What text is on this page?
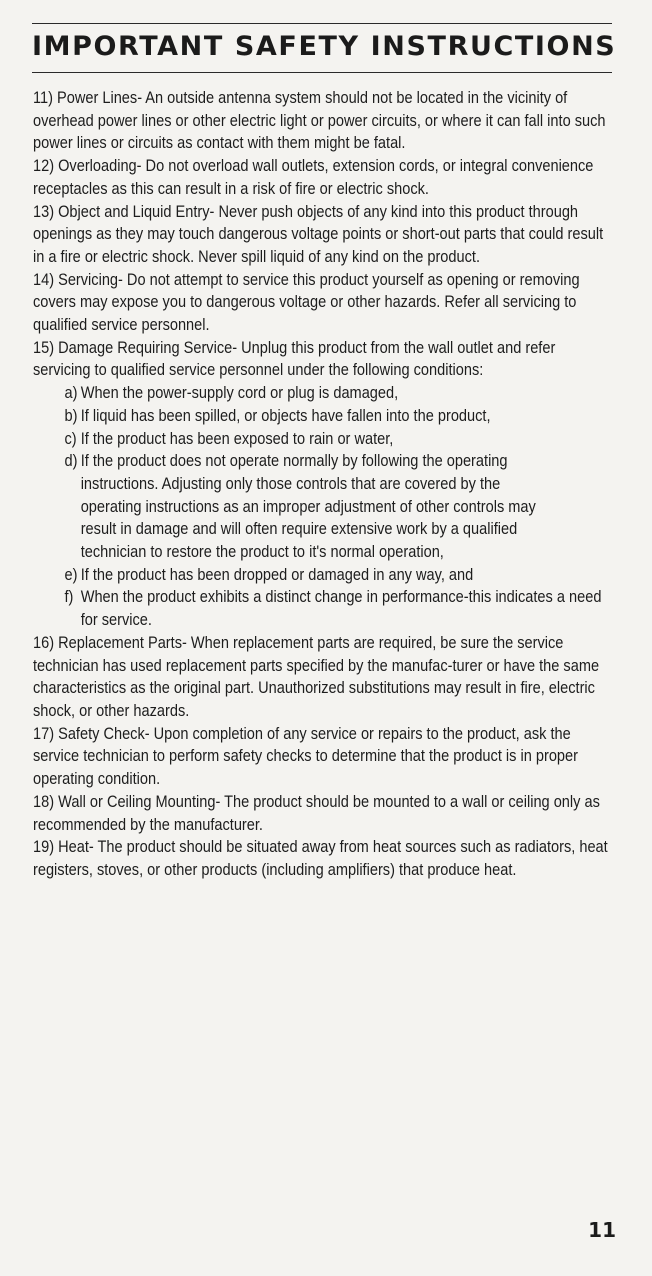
IMPORTANT SAFETY INSTRUCTIONS

11) Power Lines- An outside antenna system should not be located in the vicinity of overhead power lines or other electric light or power circuits, or where it can fall into such power lines or circuits as contact with them might be fatal.

12) Overloading- Do not overload wall outlets, extension cords, or integral convenience receptacles as this can result in a risk of fire or electric shock.

13) Object and Liquid Entry- Never push objects of any kind into this product through openings as they may touch dangerous voltage points or short-out parts that could result in a fire or electric shock. Never spill liquid of any kind on the product.

14) Servicing- Do not attempt to service this product yourself as opening or removing covers may expose you to dangerous voltage or other hazards. Refer all servicing to qualified service personnel.

15) Damage Requiring Service- Unplug this product from the wall outlet and refer servicing to qualified service personnel under the following conditions:

a) When the power-supply cord or plug is damaged,

b) If liquid has been spilled, or objects have fallen into the product,

c) If the product has been exposed to rain or water,

d) If the product does not operate normally by following the operating instructions. Adjusting only those controls that are covered by the operating instructions as an improper adjustment of other controls may result in damage and will often require extensive work by a qualified technician to restore the product to it's normal operation,

e) If the product has been dropped or damaged in any way, and

f) When the product exhibits a distinct change in performance-this indicates a need for service.

16) Replacement Parts- When replacement parts are required, be sure the service technician has used replacement parts specified by the manufac-turer or have the same characteristics as the original part. Unauthorized substitutions may result in fire, electric shock, or other hazards.

17) Safety Check- Upon completion of any service or repairs to the product, ask the service technician to perform safety checks to determine that the product is in proper operating condition.

18) Wall or Ceiling Mounting- The product should be mounted to a wall or ceiling only as recommended by the manufacturer.

19) Heat- The product should be situated away from heat sources such as radiators, heat registers, stoves, or other products (including amplifiers) that produce heat.

11
